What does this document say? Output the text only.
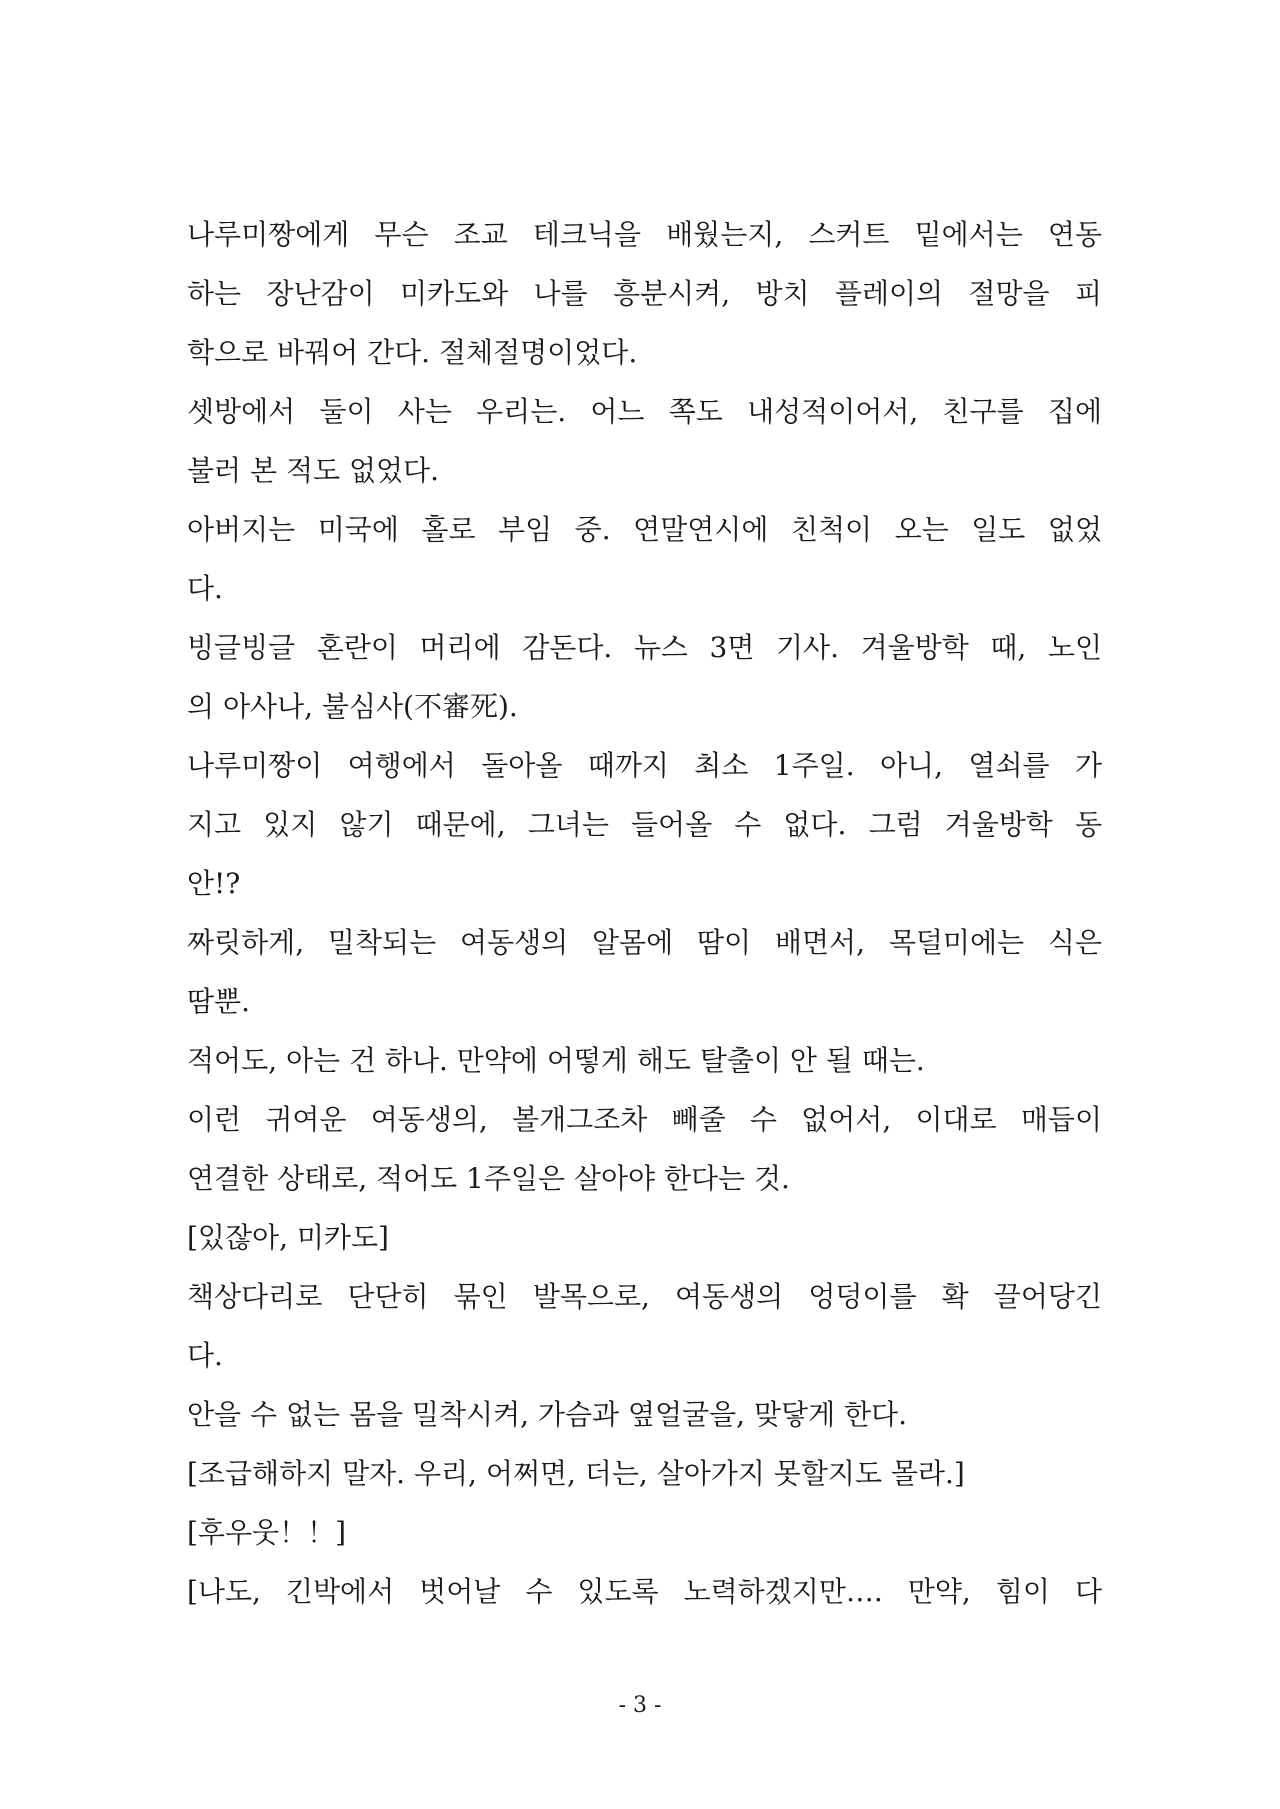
나루미짱에게 무슨 조교 테크닉을 배웠는지, 스커트 밑에서는 연동
하는 장난감이 미카도와 나를 흥분시켜, 방치 플레이의 절망을 피
학으로 바꿔어 간다. 절체절명이었다.
셋방에서 둘이 사는 우리는. 어느 쪽도 내성적이어서, 친구를 집에
불러 본 적도 없었다.
아버지는 미국에 홀로 부임 중. 연말연시에 친척이 오는 일도 없었
다.
빙글빙글 혼란이 머리에 감돈다. 뉴스 3면 기사. 겨울방학 때, 노인
의 아사나, 불심사(不審死).
나루미짱이 여행에서 돌아올 때까지 최소 1주일. 아니, 열쇠를 가
지고 있지 않기 때문에, 그녀는 들어올 수 없다. 그럼 겨울방학 동
안!?
짜릿하게, 밀착되는 여동생의 알몸에 땀이 배면서, 목덜미에는 식은
땀뿐.
적어도, 아는 건 하나. 만약에 어떻게 해도 탈출이 안 될 때는.
이런 귀여운 여동생의, 볼개그조차 빼줄 수 없어서, 이대로 매듭이
연결한 상태로, 적어도 1주일은 살아야 한다는 것.
[있잖아, 미카도]
책상다리로 단단히 묶인 발목으로, 여동생의 엉덩이를 확 끌어당긴
다.
안을 수 없는 몸을 밀착시켜, 가슴과 옆얼굴을, 맞닿게 한다.
[조급해하지 말자. 우리, 어쩌면, 더는, 살아가지 못할지도 몰라.]
[후우웃！！]
[나도, 긴박에서 벗어날 수 있도록 노력하겠지만…. 만약, 힘이 다
- 3 -
